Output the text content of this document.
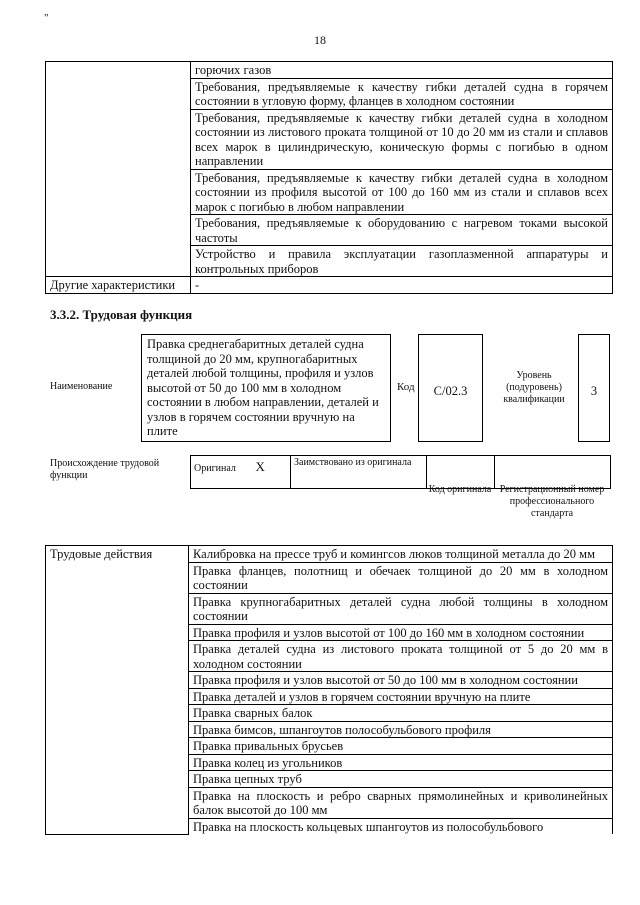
"
18
	горючих газов
	Требования, предъявляемые к качеству гибки деталей судна в горячем состоянии в угловую форму, фланцев в холодном состоянии
	Требования, предъявляемые к качеству гибки деталей судна в холодном состоянии из листового проката толщиной от 10 до 20 мм из стали и сплавов всех марок в цилиндрическую, коническую формы с погибью в одном направлении
	Требования, предъявляемые к качеству гибки деталей судна в холодном состоянии из профиля высотой от 100 до 160 мм из стали и сплавов всех марок с погибью в любом направлении
	Требования, предъявляемые к оборудованию с нагревом токами высокой частоты
	Устройство и правила эксплуатации газоплазменной аппаратуры и контрольных приборов
Другие характеристики	-
3.3.2. Трудовая функция
Наименование
Правка среднегабаритных деталей судна толщиной до 20 мм, крупногабаритных деталей любой толщины, профиля и узлов высотой от 50 до 100 мм в холодном состоянии в любом направлении, деталей и узлов в горячем состоянии вручную на плите
Код	C/02.3
Уровень (подуровень) квалификации
3
Происхождение трудовой функции
Оригинал	X	Заимствовано из оригинала		
Код оригинала Регистрационный номер профессионального стандарта
Трудовые действия	Калибровка на прессе труб и комингсов люков толщиной металла до 20 мм
Правка фланцев, полотнищ и обечаек толщиной до 20 мм в холодном состоянии
Правка крупногабаритных деталей судна любой толщины в холодном состоянии
Правка профиля и узлов высотой от 100 до 160 мм в холодном состоянии
Правка деталей судна из листового проката толщиной от 5 до 20 мм в холодном состоянии
Правка профиля и узлов высотой от 50 до 100 мм в холодном состоянии
Правка деталей и узлов в горячем состоянии вручную на плите
Правка сварных балок
Правка бимсов, шпангоутов полособульбового профиля
Правка привальных брусьев
Правка колец из угольников
Правка цепных труб
Правка на плоскость и ребро сварных прямолинейных и криволинейных балок высотой до 100 мм
Правка на плоскость кольцевых шпангоутов из полособульбового
